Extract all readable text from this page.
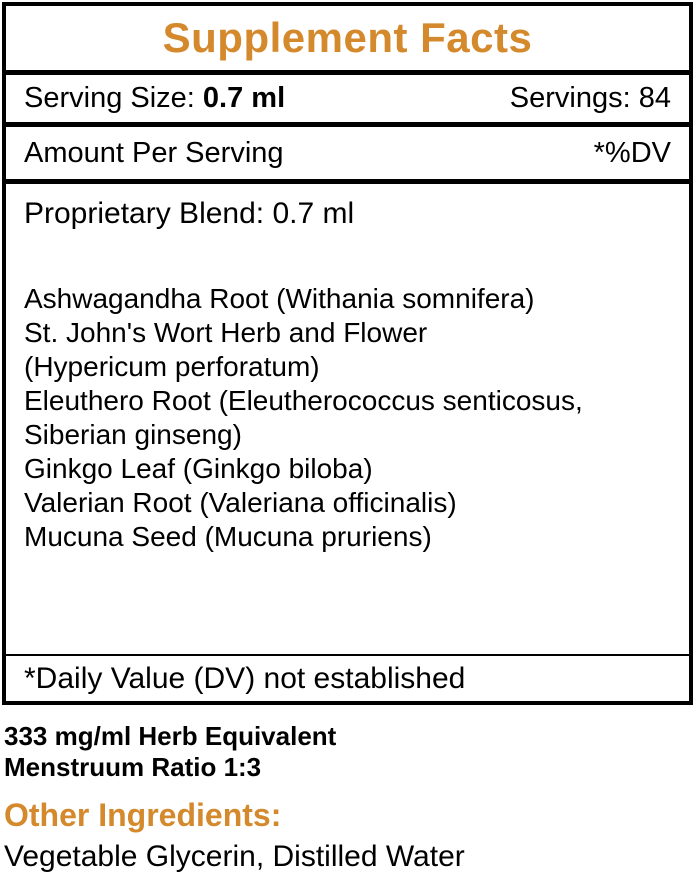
Supplement Facts
Serving Size: 0.7 ml	Servings: 84
Amount Per Serving	*%DV
Proprietary Blend: 0.7 ml
Ashwagandha Root (Withania somnifera)
St. John's Wort Herb and Flower
(Hypericum perforatum)
Eleuthero Root (Eleutherococcus senticosus,
Siberian ginseng)
Ginkgo Leaf (Ginkgo biloba)
Valerian Root (Valeriana officinalis)
Mucuna Seed (Mucuna pruriens)
*Daily Value (DV) not established
333 mg/ml Herb Equivalent
Menstruum Ratio 1:3
Other Ingredients:
Vegetable Glycerin, Distilled Water
